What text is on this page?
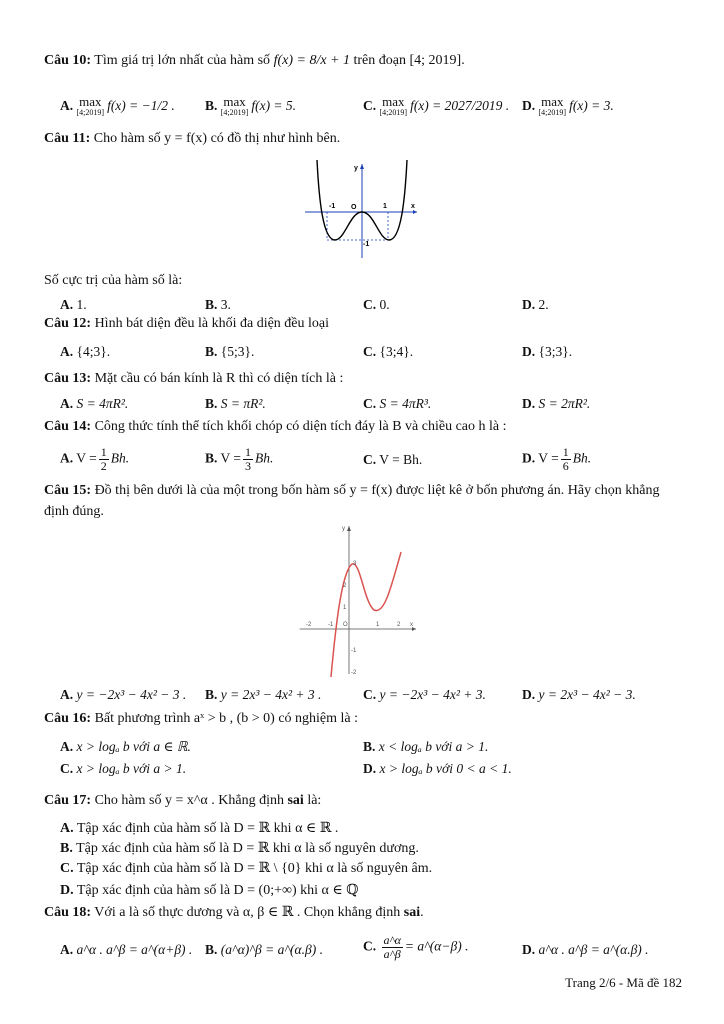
Câu 10: Tìm giá trị lớn nhất của hàm số f(x) = 8/x + 1 trên đoạn [4; 2019].
A. max
[4;2019] f(x) = −1/2 . B. max
[4;2019] f(x) = 5.	C. max
[4;2019] f(x) = 2027/2019 . D. max
[4;2019] f(x) = 3.
Câu 11: Cho hàm số y = f(x) có đồ thị như hình bên.
y
x
O
-1	1
-1
Số cực trị của hàm số là:
A. 1.	B. 3.	C. 0.	D. 2.
Câu 12: Hình bát diện đều là khối đa diện đều loại
A. {4;3}.	B. {5;3}.	C. {3;4}.	D. {3;3}.
Câu 13: Mặt cầu có bán kính là R thì có diện tích là :
A. S = 4πR².	B. S = πR².	C. S = 4πR³.	D. S = 2πR².
Câu 14: Công thức tính thể tích khối chóp có diện tích đáy là B và chiều cao h là :
A. $V = \frac{1}{2} Bh$.	B. $V = \frac{1}{3} Bh$.	C. V = Bh.	D. $V = \frac{1}{6} Bh$.
Câu 15: Đồ thị bên dưới là của một trong bốn hàm số y = f(x) được liệt kê ở bốn phương án. Hãy chọn khẳng định đúng.
y
x
3
2
1
-1
-2
-2	-1 O	1	2
A. y = −2x³ − 4x² − 3 . B. y = 2x³ − 4x² + 3 .	C. y = −2x³ − 4x² + 3.	D. y = 2x³ − 4x² − 3.
Câu 16: Bất phương trình aˣ > b , (b > 0) có nghiệm là :
A. x > logₐ b với a ∈ ℝ.	B. x < logₐ b với a > 1.
C. x > logₐ b với a > 1.	D. x > logₐ b với 0 < a < 1.
Câu 17: Cho hàm số y = x^α . Khẳng định sai là:
A. Tập xác định của hàm số là D = ℝ khi α ∈ ℝ .
B. Tập xác định của hàm số là D = ℝ khi α là số nguyên dương.
C. Tập xác định của hàm số là D = ℝ \ {0} khi α là số nguyên âm.
D. Tập xác định của hàm số là D = (0;+∞) khi α ∈ ℚ
Câu 18: Với a là số thực dương và α, β ∈ ℝ . Chọn khẳng định sai.
A. a^α . a^β = a^(α+β) . B. (a^α)^β = a^(α.β) .	C. $\frac{a\^{}\alpha}{a\^{}\beta}$ = a^(α−β) .	D. a^α . a^β = a^(α.β) .
Trang 2/6 - Mã đề 182
